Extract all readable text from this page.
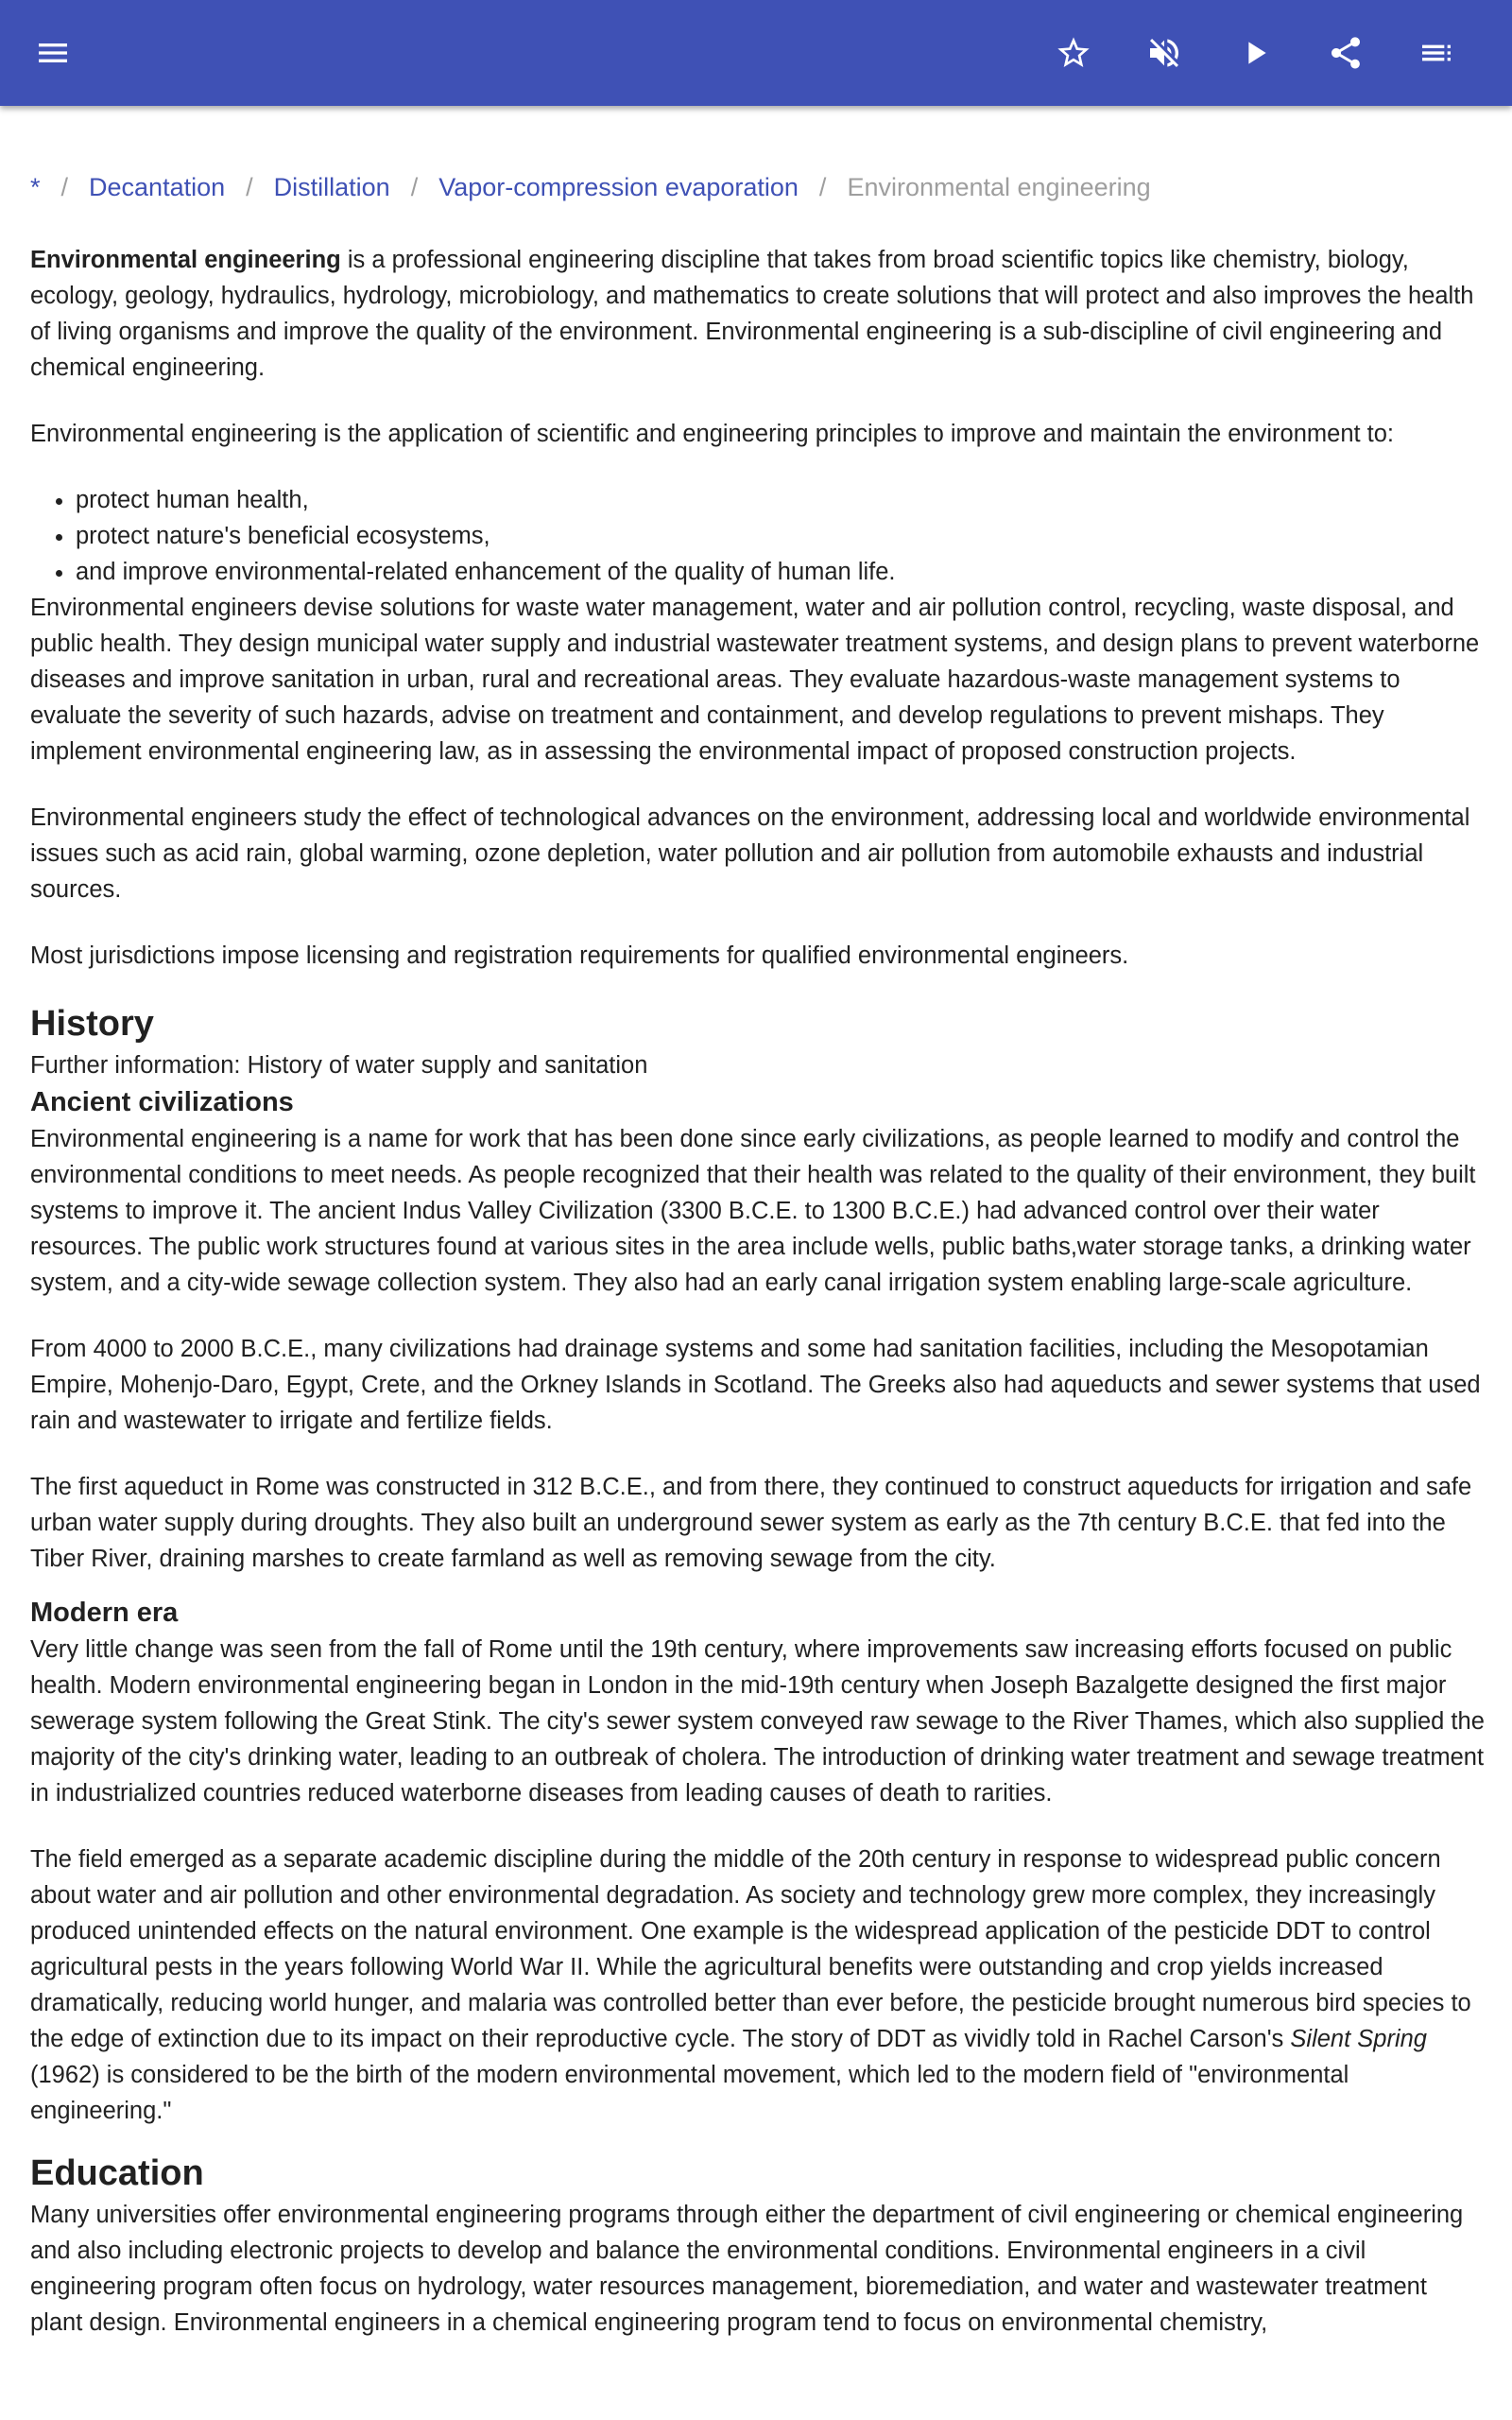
* / Decantation / Distillation / Vapor-compression evaporation / Environmental engineering

Environmental engineering is a professional engineering discipline that takes from broad scientific topics like chemistry, biology, ecology, geology, hydraulics, hydrology, microbiology, and mathematics to create solutions that will protect and also improves the health of living organisms and improve the quality of the environment. Environmental engineering is a sub-discipline of civil engineering and chemical engineering.

Environmental engineering is the application of scientific and engineering principles to improve and maintain the environment to:

• protect human health,
• protect nature's beneficial ecosystems,
• and improve environmental-related enhancement of the quality of human life.

Environmental engineers devise solutions for waste water management, water and air pollution control, recycling, waste disposal, and public health. They design municipal water supply and industrial wastewater treatment systems, and design plans to prevent waterborne diseases and improve sanitation in urban, rural and recreational areas. They evaluate hazardous-waste management systems to evaluate the severity of such hazards, advise on treatment and containment, and develop regulations to prevent mishaps. They implement environmental engineering law, as in assessing the environmental impact of proposed construction projects.

Environmental engineers study the effect of technological advances on the environment, addressing local and worldwide environmental issues such as acid rain, global warming, ozone depletion, water pollution and air pollution from automobile exhausts and industrial sources.

Most jurisdictions impose licensing and registration requirements for qualified environmental engineers.

History

Further information: History of water supply and sanitation

Ancient civilizations

Environmental engineering is a name for work that has been done since early civilizations, as people learned to modify and control the environmental conditions to meet needs. As people recognized that their health was related to the quality of their environment, they built systems to improve it. The ancient Indus Valley Civilization (3300 B.C.E. to 1300 B.C.E.) had advanced control over their water resources. The public work structures found at various sites in the area include wells, public baths,water storage tanks, a drinking water system, and a city-wide sewage collection system. They also had an early canal irrigation system enabling large-scale agriculture.

From 4000 to 2000 B.C.E., many civilizations had drainage systems and some had sanitation facilities, including the Mesopotamian Empire, Mohenjo-Daro, Egypt, Crete, and the Orkney Islands in Scotland. The Greeks also had aqueducts and sewer systems that used rain and wastewater to irrigate and fertilize fields.

The first aqueduct in Rome was constructed in 312 B.C.E., and from there, they continued to construct aqueducts for irrigation and safe urban water supply during droughts. They also built an underground sewer system as early as the 7th century B.C.E. that fed into the Tiber River, draining marshes to create farmland as well as removing sewage from the city.

Modern era

Very little change was seen from the fall of Rome until the 19th century, where improvements saw increasing efforts focused on public health. Modern environmental engineering began in London in the mid-19th century when Joseph Bazalgette designed the first major sewerage system following the Great Stink. The city's sewer system conveyed raw sewage to the River Thames, which also supplied the majority of the city's drinking water, leading to an outbreak of cholera. The introduction of drinking water treatment and sewage treatment in industrialized countries reduced waterborne diseases from leading causes of death to rarities.

The field emerged as a separate academic discipline during the middle of the 20th century in response to widespread public concern about water and air pollution and other environmental degradation. As society and technology grew more complex, they increasingly produced unintended effects on the natural environment. One example is the widespread application of the pesticide DDT to control agricultural pests in the years following World War II. While the agricultural benefits were outstanding and crop yields increased dramatically, reducing world hunger, and malaria was controlled better than ever before, the pesticide brought numerous bird species to the edge of extinction due to its impact on their reproductive cycle. The story of DDT as vividly told in Rachel Carson's Silent Spring (1962) is considered to be the birth of the modern environmental movement, which led to the modern field of "environmental engineering."

Education

Many universities offer environmental engineering programs through either the department of civil engineering or chemical engineering and also including electronic projects to develop and balance the environmental conditions. Environmental engineers in a civil engineering program often focus on hydrology, water resources management, bioremediation, and water and wastewater treatment plant design. Environmental engineers in a chemical engineering program tend to focus on environmental chemistry,
